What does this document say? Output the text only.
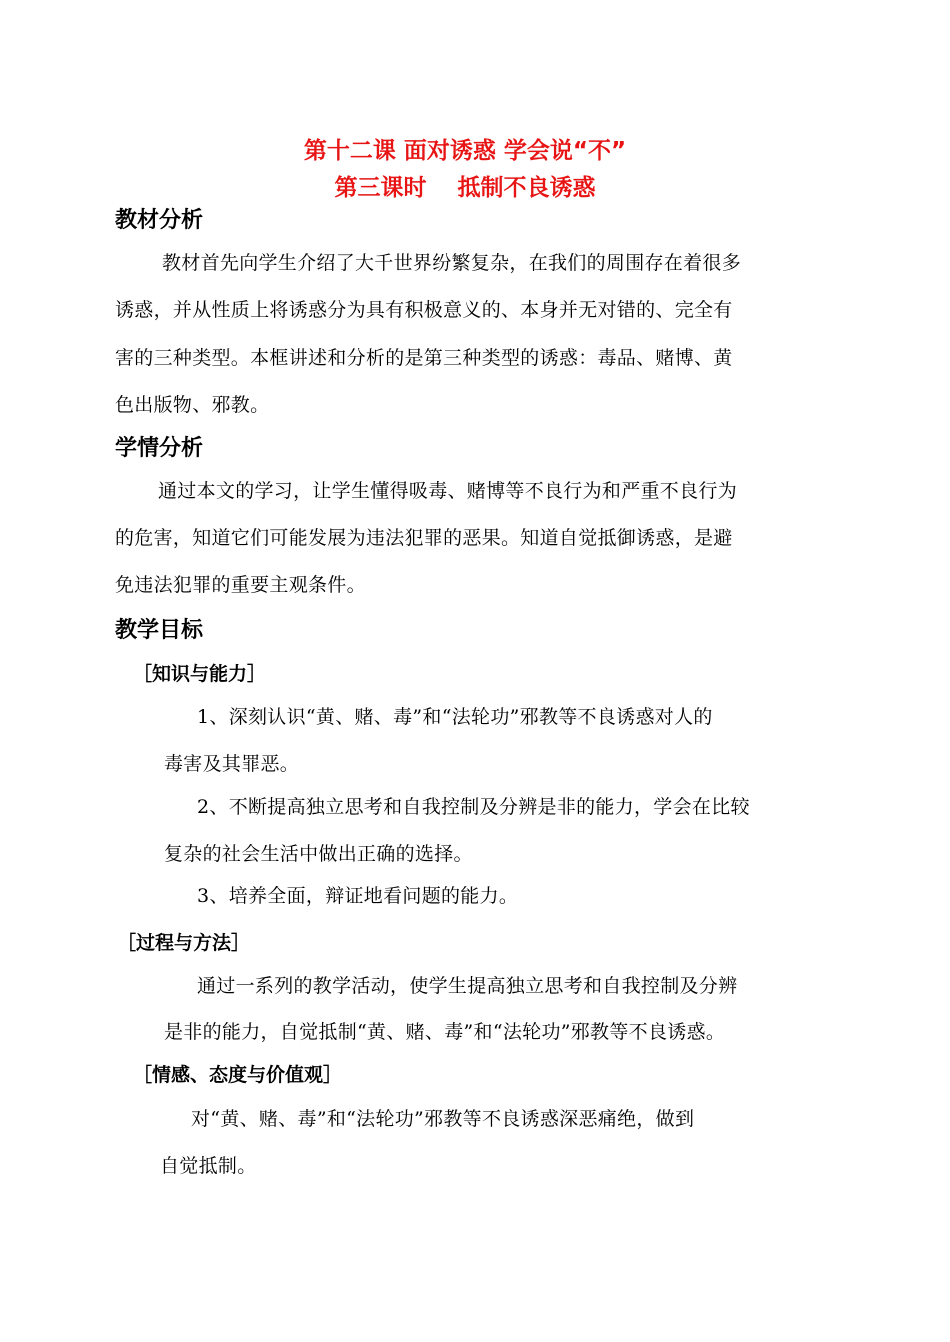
第十二课 面对诱惑 学会说“不”
第三课时　 抵制不良诱惑
教材分析
教材首先向学生介绍了大千世界纷繁复杂，在我们的周围存在着很多
诱惑，并从性质上将诱惑分为具有积极意义的、本身并无对错的、完全有
害的三种类型。本框讲述和分析的是第三种类型的诱惑：毒品、赌博、黄
色出版物、邪教。
学情分析
通过本文的学习，让学生懂得吸毒、赌博等不良行为和严重不良行为
的危害，知道它们可能发展为违法犯罪的恶果。知道自觉抵御诱惑，是避
免违法犯罪的重要主观条件。
教学目标
［知识与能力］
1、深刻认识“黄、赌、毒”和“法轮功”邪教等不良诱惑对人的
毒害及其罪恶。
2、不断提高独立思考和自我控制及分辨是非的能力，学会在比较
复杂的社会生活中做出正确的选择。
3、培养全面，辩证地看问题的能力。
［过程与方法］
通过一系列的教学活动，使学生提高独立思考和自我控制及分辨
是非的能力，自觉抵制“黄、赌、毒”和“法轮功”邪教等不良诱惑。
［情感、态度与价值观］
对“黄、赌、毒”和“法轮功”邪教等不良诱惑深恶痛绝，做到
自觉抵制。
